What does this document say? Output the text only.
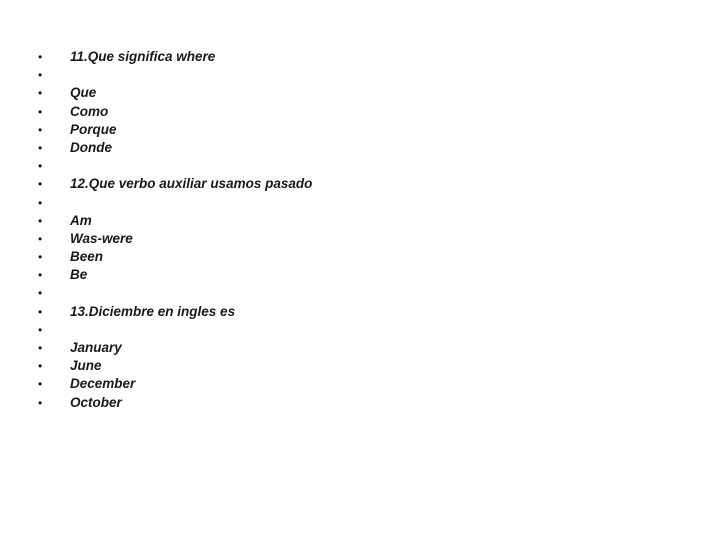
•	11.Que significa where
•
•	Que
•	Como
•	Porque
•	Donde
•
•	12.Que verbo auxiliar usamos pasado
•
•	Am
•	Was-were
•	Been
•	Be
•
•	13.Diciembre en ingles es
•
•	January
•	June
•	December
•	October
